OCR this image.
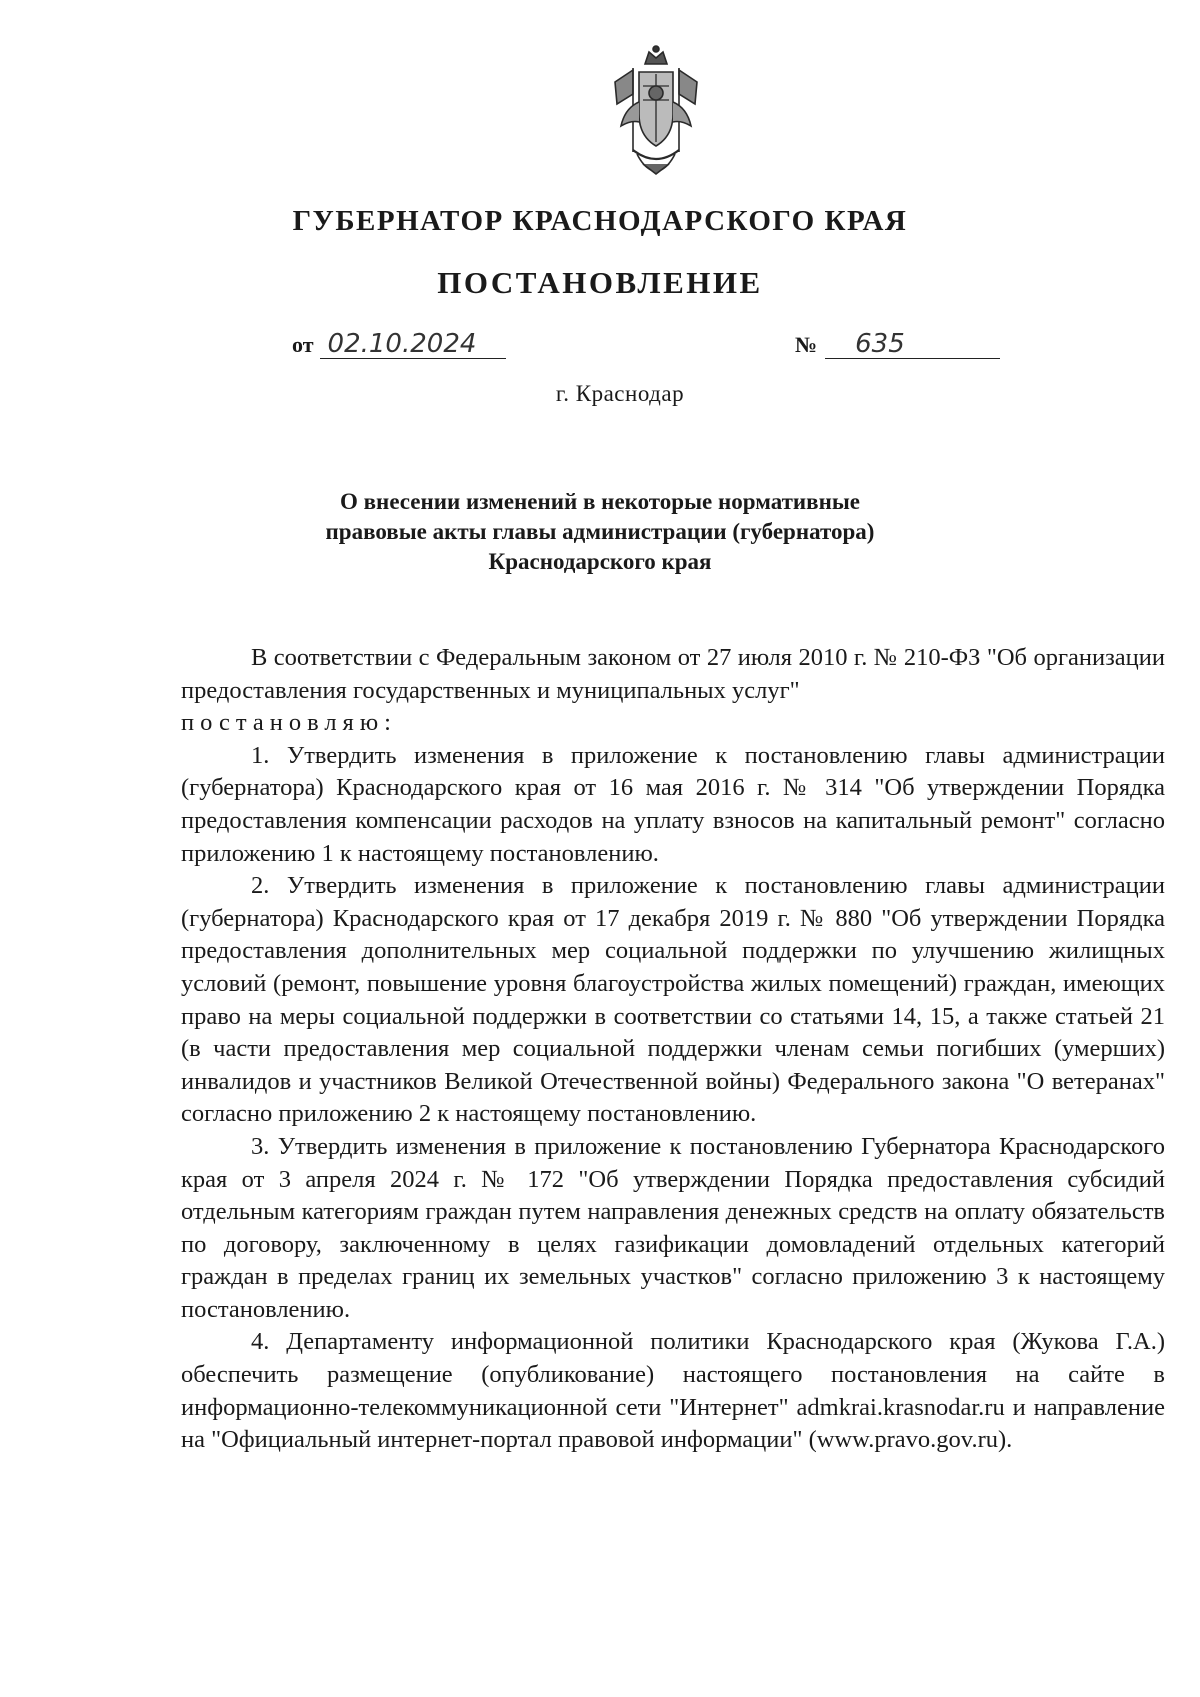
ГУБЕРНАТОР КРАСНОДАРСКОГО КРАЯ
ПОСТАНОВЛЕНИЕ
от 02.10.2024	№ 635
г. Краснодар
О внесении изменений в некоторые нормативные
правовые акты главы администрации (губернатора)
Краснодарского края
В соответствии с Федеральным законом от 27 июля 2010 г. № 210-ФЗ "Об организации предоставления государственных и муниципальных услуг"
постановляю:
1. Утвердить изменения в приложение к постановлению главы администрации (губернатора) Краснодарского края от 16 мая 2016 г. № 314 "Об утверждении Порядка предоставления компенсации расходов на уплату взносов на капитальный ремонт" согласно приложению 1 к настоящему постановлению.
2. Утвердить изменения в приложение к постановлению главы администрации (губернатора) Краснодарского края от 17 декабря 2019 г. № 880 "Об утверждении Порядка предоставления дополнительных мер социальной поддержки по улучшению жилищных условий (ремонт, повышение уровня благоустройства жилых помещений) граждан, имеющих право на меры социальной поддержки в соответствии со статьями 14, 15, а также статьей 21 (в части предоставления мер социальной поддержки членам семьи погибших (умерших) инвалидов и участников Великой Отечественной войны) Федерального закона "О ветеранах" согласно приложению 2 к настоящему постановлению.
3. Утвердить изменения в приложение к постановлению Губернатора Краснодарского края от 3 апреля 2024 г. № 172 "Об утверждении Порядка предоставления субсидий отдельным категориям граждан путем направления денежных средств на оплату обязательств по договору, заключенному в целях газификации домовладений отдельных категорий граждан в пределах границ их земельных участков" согласно приложению 3 к настоящему постановлению.
4. Департаменту информационной политики Краснодарского края (Жукова Г.А.) обеспечить размещение (опубликование) настоящего постановления на сайте в информационно-телекоммуникационной сети "Интернет" admkrai.krasnodar.ru и направление на "Официальный интернет-портал правовой информации" (www.pravo.gov.ru).
